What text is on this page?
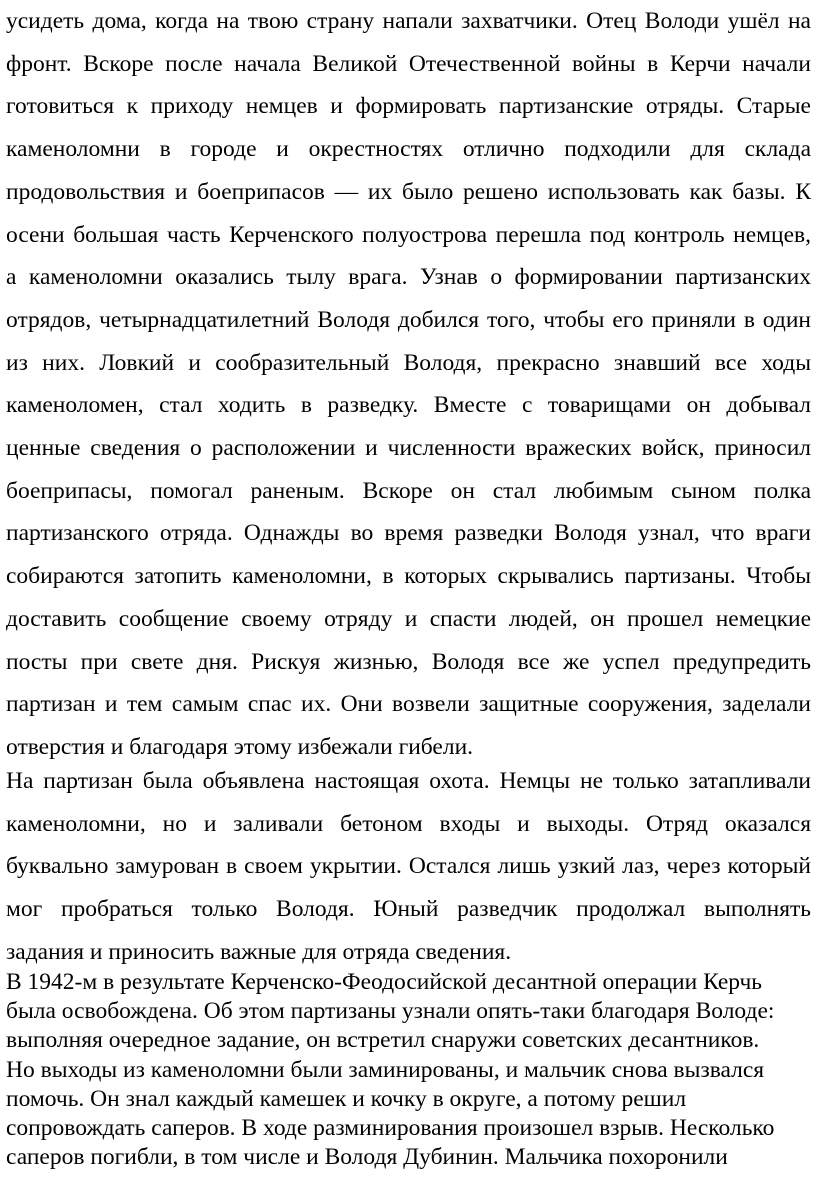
усидеть дома, когда на твою страну напали захватчики. Отец Володи ушёл на
фронт. Вскоре после начала Великой Отечественной войны в Керчи начали
готовиться к приходу немцев и формировать партизанские отряды. Старые
каменоломни в городе и окрестностях отлично подходили для склада
продовольствия и боеприпасов — их было решено использовать как базы. К
осени большая часть Керченского полуострова перешла под контроль немцев,
а каменоломни оказались тылу врага. Узнав о формировании партизанских
отрядов, четырнадцатилетний Володя добился того, чтобы его приняли в один
из них. Ловкий и сообразительный Володя, прекрасно знавший все ходы
каменоломен, стал ходить в разведку. Вместе с товарищами он добывал
ценные сведения о расположении и численности вражеских войск, приносил
боеприпасы, помогал раненым. Вскоре он стал любимым сыном полка
партизанского отряда. Однажды во время разведки Володя узнал, что враги
собираются затопить каменоломни, в которых скрывались партизаны. Чтобы
доставить сообщение своему отряду и спасти людей, он прошел немецкие
посты при свете дня. Рискуя жизнью, Володя все же успел предупредить
партизан и тем самым спас их. Они возвели защитные сооружения, заделали
отверстия и благодаря этому избежали гибели.
На партизан была объявлена настоящая охота. Немцы не только затапливали
каменоломни, но и заливали бетоном входы и выходы. Отряд оказался
буквально замурован в своем укрытии. Остался лишь узкий лаз, через который
мог пробраться только Володя. Юный разведчик продолжал выполнять
задания и приносить важные для отряда сведения.
В 1942-м в результате Керченско-Феодосийской десантной операции Керчь
была освобождена. Об этом партизаны узнали опять-таки благодаря Володе:
выполняя очередное задание, он встретил снаружи советских десантников.
Но выходы из каменоломни были заминированы, и мальчик снова вызвался
помочь. Он знал каждый камешек и кочку в округе, а потому решил
сопровождать саперов. В ходе разминирования произошел взрыв. Несколько
саперов погибли, в том числе и Володя Дубинин. Мальчика похоронили
